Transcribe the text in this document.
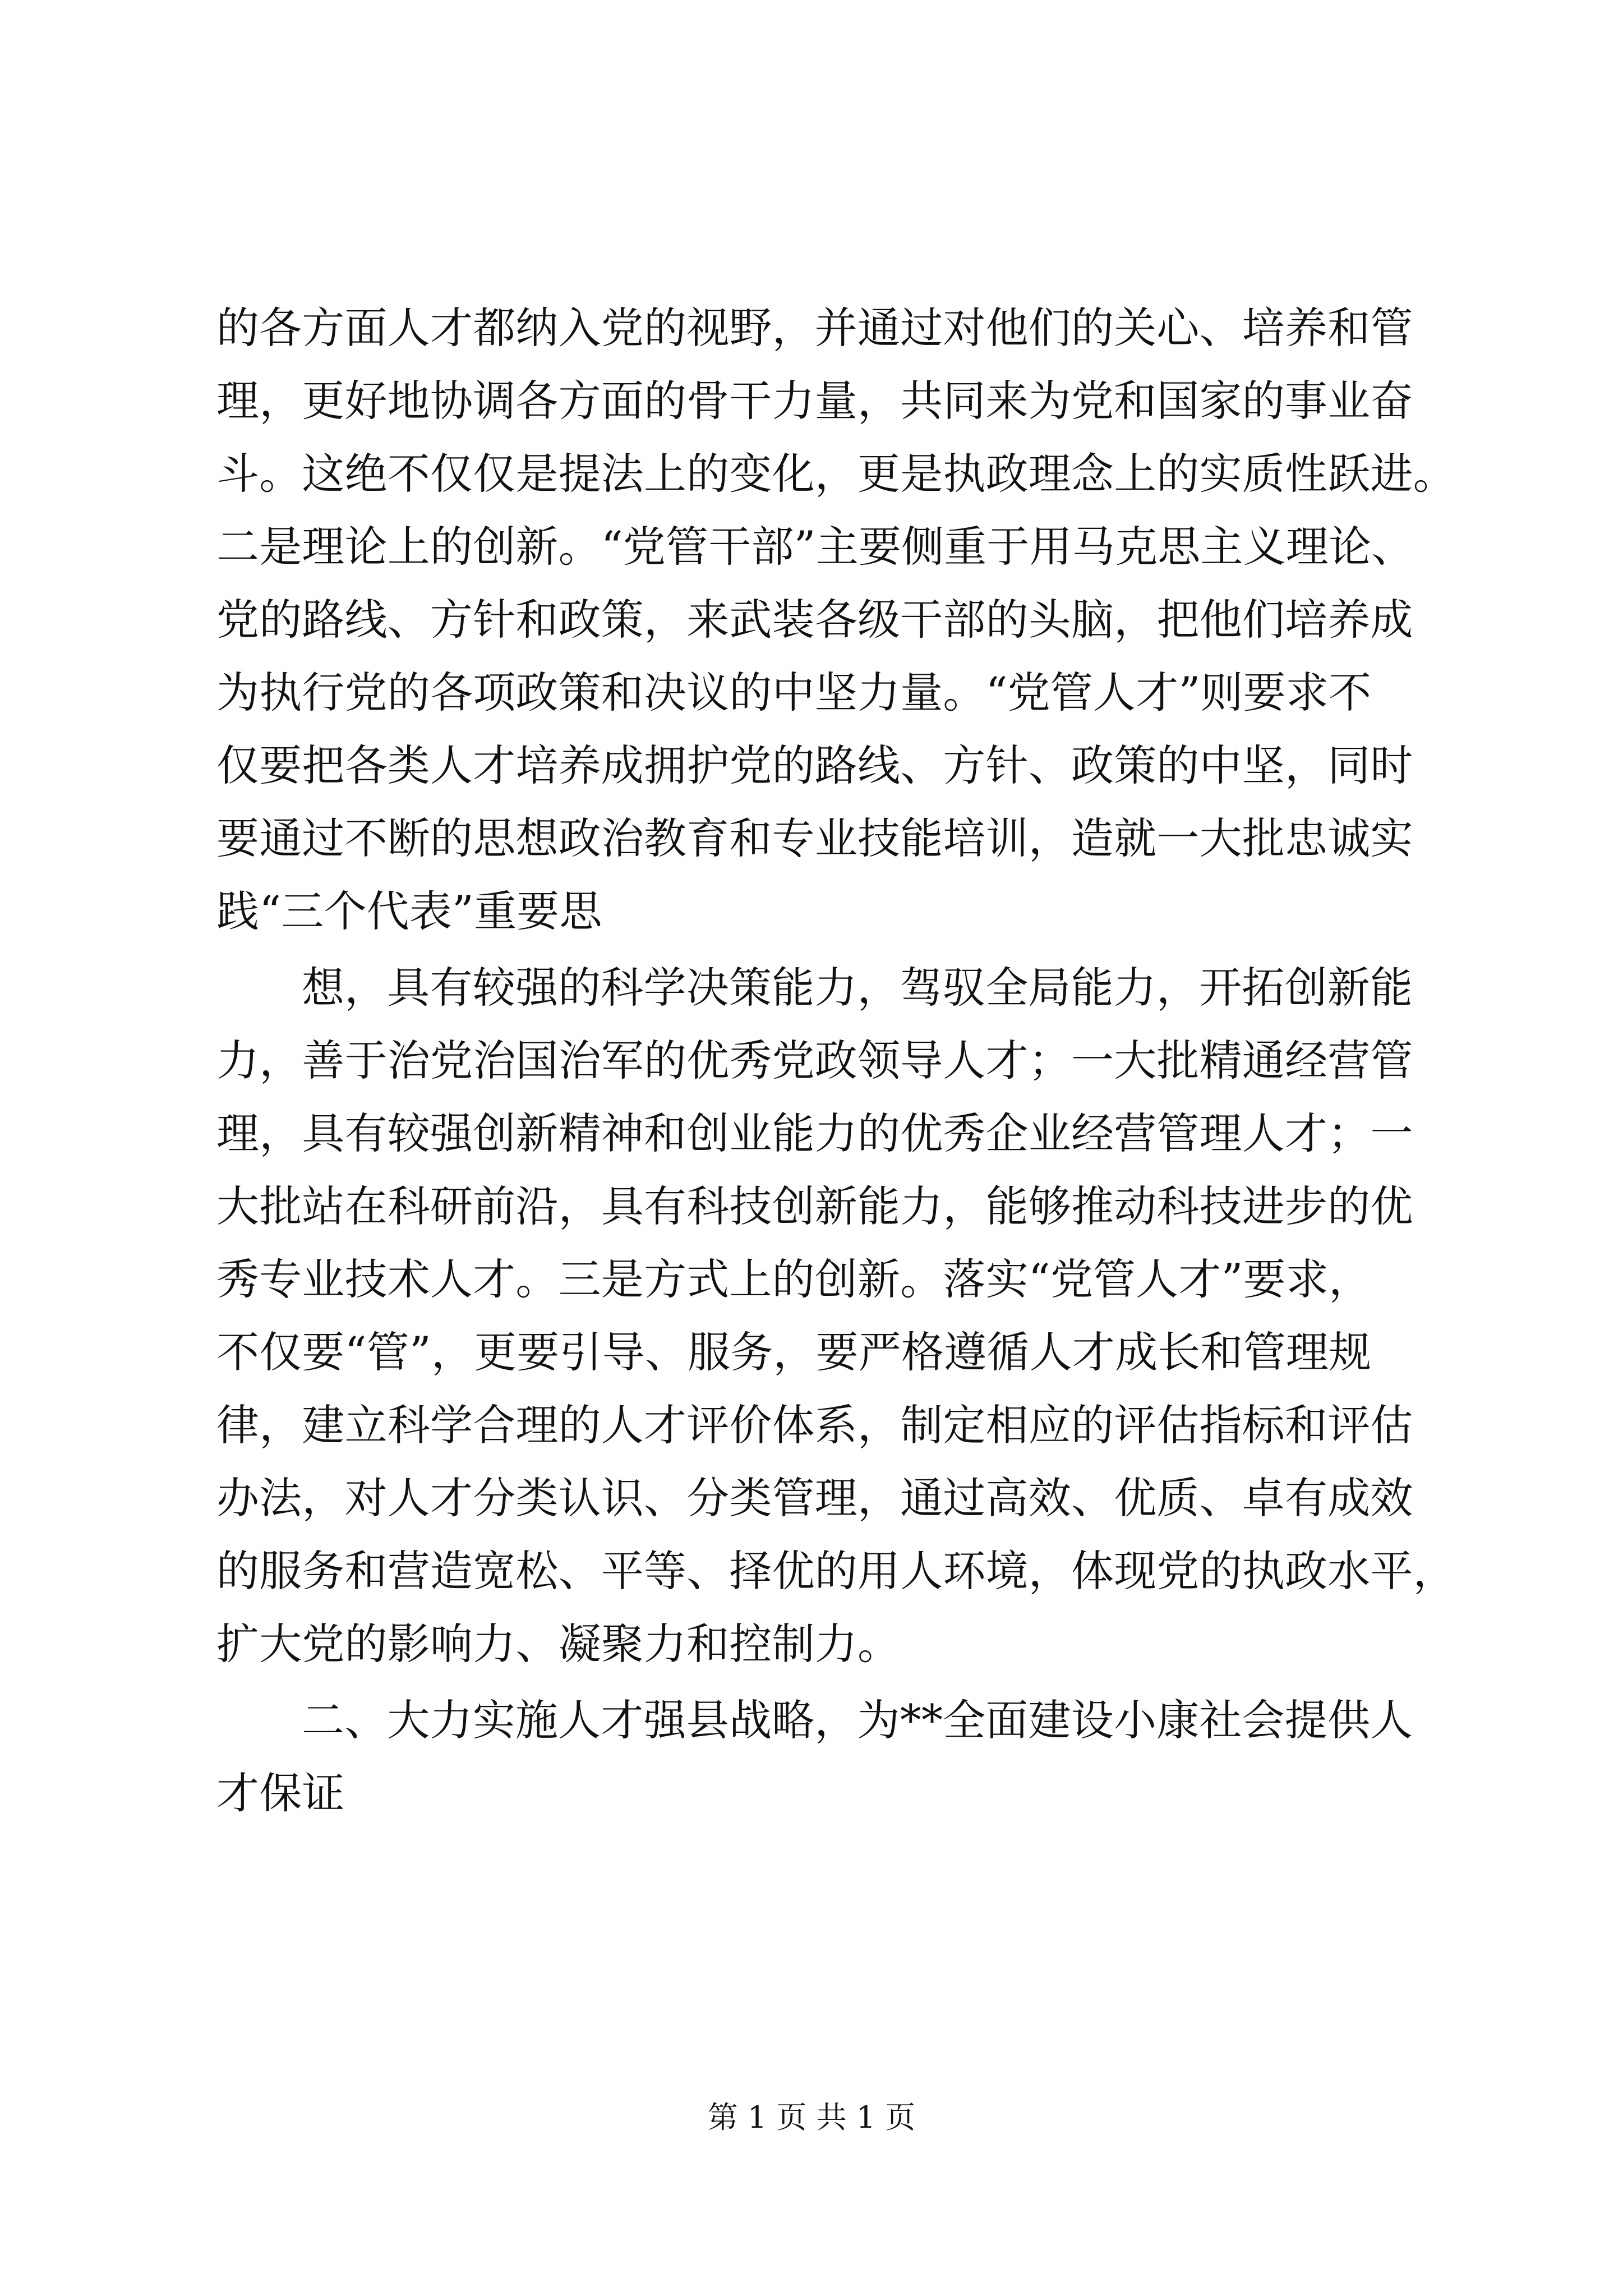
的各方面人才都纳入党的视野，并通过对他们的关心、培养和管
理，更好地协调各方面的骨干力量，共同来为党和国家的事业奋
斗。这绝不仅仅是提法上的变化，更是执政理念上的实质性跃进。
二是理论上的创新。“党管干部”主要侧重于用马克思主义理论、
党的路线、方针和政策，来武装各级干部的头脑，把他们培养成
为执行党的各项政策和决议的中坚力量。“党管人才”则要求不
仅要把各类人才培养成拥护党的路线、方针、政策的中坚，同时
要通过不断的思想政治教育和专业技能培训，造就一大批忠诚实
践“三个代表”重要思
想，具有较强的科学决策能力，驾驭全局能力，开拓创新能
力，善于治党治国治军的优秀党政领导人才；一大批精通经营管
理，具有较强创新精神和创业能力的优秀企业经营管理人才；一
大批站在科研前沿，具有科技创新能力，能够推动科技进步的优
秀专业技术人才。三是方式上的创新。落实“党管人才”要求，
不仅要“管”，更要引导、服务，要严格遵循人才成长和管理规
律，建立科学合理的人才评价体系，制定相应的评估指标和评估
办法，对人才分类认识、分类管理，通过高效、优质、卓有成效
的服务和营造宽松、平等、择优的用人环境，体现党的执政水平，
扩大党的影响力、凝聚力和控制力。
二、大力实施人才强县战略，为**全面建设小康社会提供人
才保证
第 1 页 共 1 页
